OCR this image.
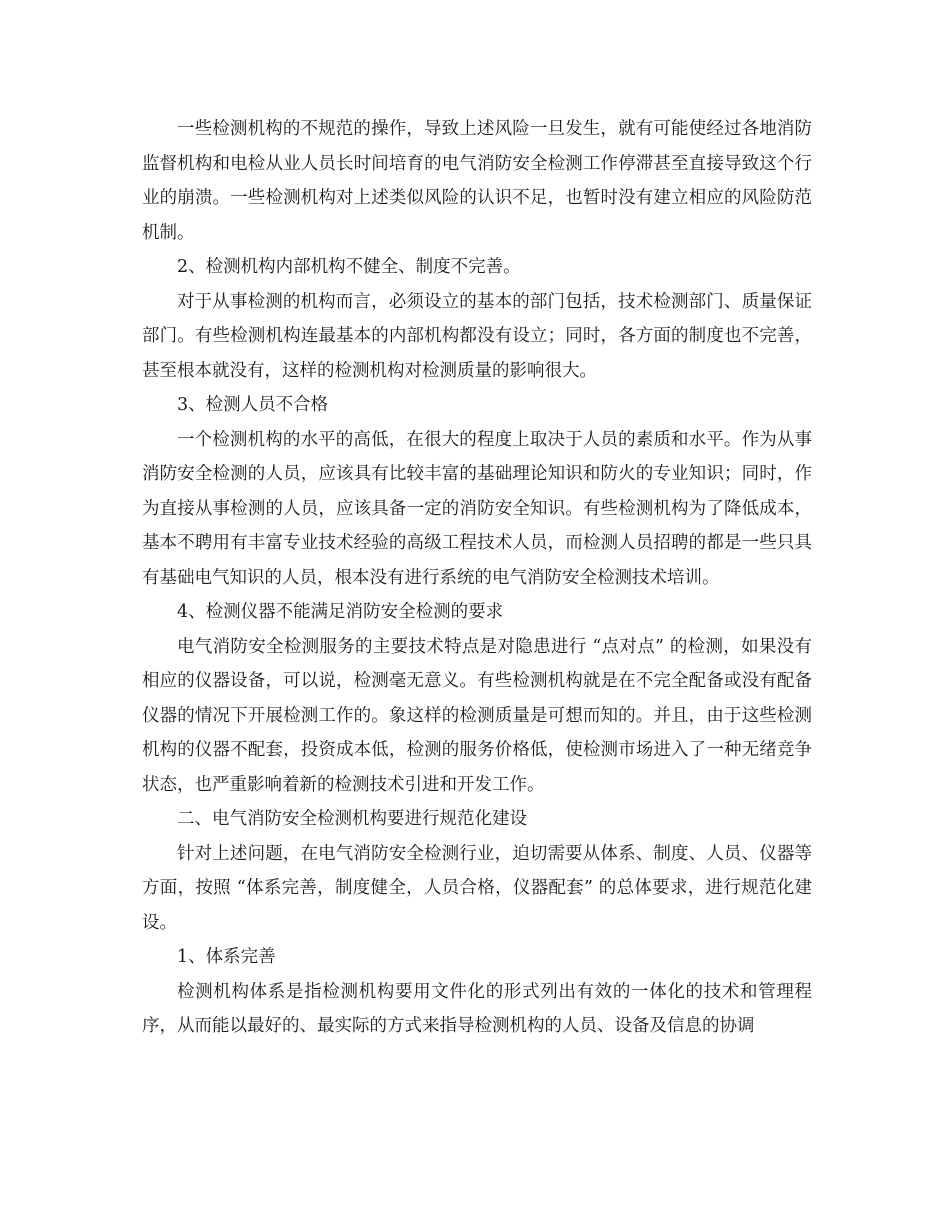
一些检测机构的不规范的操作，导致上述风险一旦发生，就有可能使经过各地消防监督机构和电检从业人员长时间培育的电气消防安全检测工作停滞甚至直接导致这个行业的崩溃。一些检测机构对上述类似风险的认识不足，也暂时没有建立相应的风险防范机制。

2、检测机构内部机构不健全、制度不完善。

对于从事检测的机构而言，必须设立的基本的部门包括，技术检测部门、质量保证部门。有些检测机构连最基本的内部机构都没有设立；同时，各方面的制度也不完善，甚至根本就没有，这样的检测机构对检测质量的影响很大。

3、检测人员不合格

一个检测机构的水平的高低，在很大的程度上取决于人员的素质和水平。作为从事消防安全检测的人员，应该具有比较丰富的基础理论知识和防火的专业知识；同时，作为直接从事检测的人员，应该具备一定的消防安全知识。有些检测机构为了降低成本，基本不聘用有丰富专业技术经验的高级工程技术人员，而检测人员招聘的都是一些只具有基础电气知识的人员，根本没有进行系统的电气消防安全检测技术培训。

4、检测仪器不能满足消防安全检测的要求

电气消防安全检测服务的主要技术特点是对隐患进行 “点对点” 的检测，如果没有相应的仪器设备，可以说，检测毫无意义。有些检测机构就是在不完全配备或没有配备仪器的情况下开展检测工作的。象这样的检测质量是可想而知的。并且，由于这些检测机构的仪器不配套，投资成本低，检测的服务价格低，使检测市场进入了一种无绪竞争状态，也严重影响着新的检测技术引进和开发工作。

二、电气消防安全检测机构要进行规范化建设

针对上述问题，在电气消防安全检测行业，迫切需要从体系、制度、人员、仪器等方面，按照 “体系完善，制度健全，人员合格，仪器配套” 的总体要求，进行规范化建设。

1、体系完善

检测机构体系是指检测机构要用文件化的形式列出有效的一体化的技术和管理程序，从而能以最好的、最实际的方式来指导检测机构的人员、设备及信息的协调
